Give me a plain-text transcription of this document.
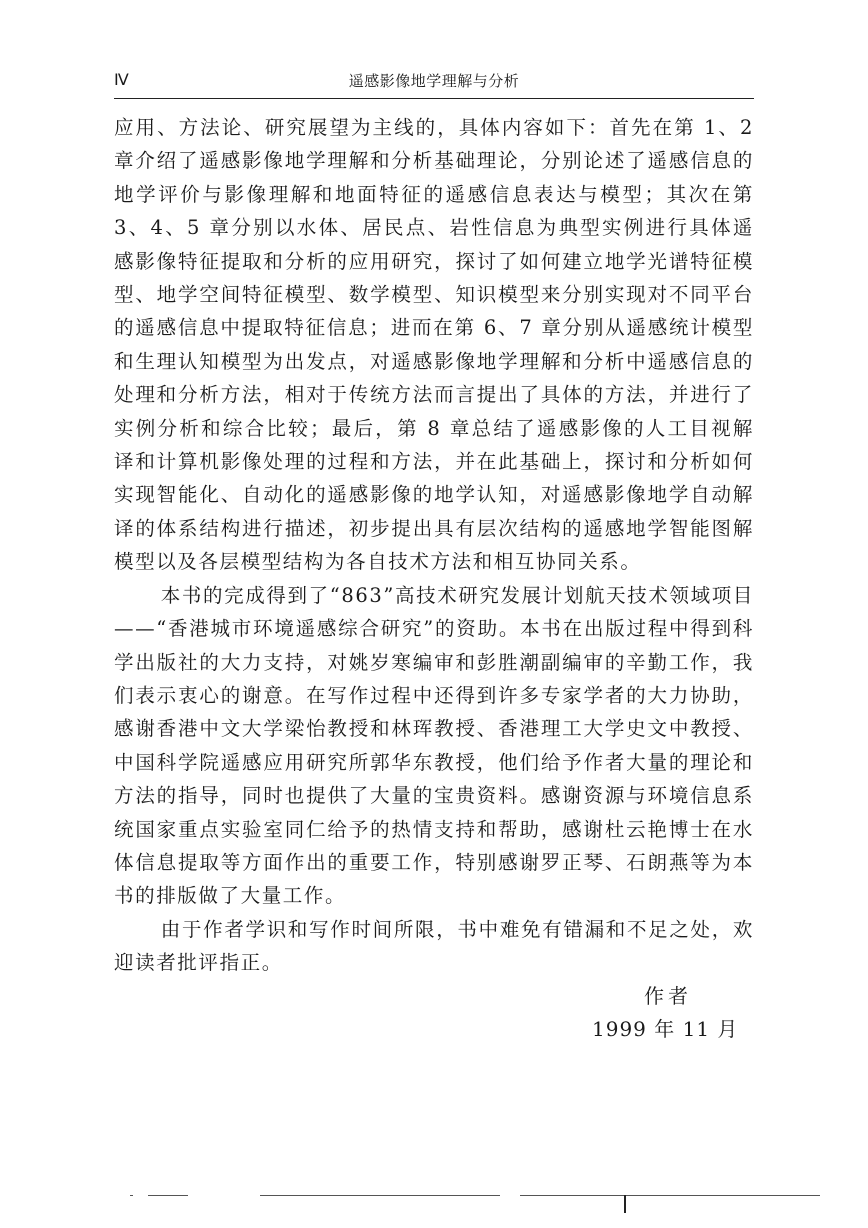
Ⅳ	遥感影像地学理解与分析

应用、方法论、研究展望为主线的，具体内容如下：首先在第 1、2 章介绍了遥感影像地学理解和分析基础理论，分别论述了遥感信息的地学评价与影像理解和地面特征的遥感信息表达与模型；其次在第 3、4、5 章分别以水体、居民点、岩性信息为典型实例进行具体遥感影像特征提取和分析的应用研究，探讨了如何建立地学光谱特征模型、地学空间特征模型、数学模型、知识模型来分别实现对不同平台的遥感信息中提取特征信息；进而在第 6、7 章分别从遥感统计模型和生理认知模型为出发点，对遥感影像地学理解和分析中遥感信息的处理和分析方法，相对于传统方法而言提出了具体的方法，并进行了实例分析和综合比较；最后，第 8 章总结了遥感影像的人工目视解译和计算机影像处理的过程和方法，并在此基础上，探讨和分析如何实现智能化、自动化的遥感影像的地学认知，对遥感影像地学自动解译的体系结构进行描述，初步提出具有层次结构的遥感地学智能图解模型以及各层模型结构为各自技术方法和相互协同关系。

本书的完成得到了“863”高技术研究发展计划航天技术领域项目——“香港城市环境遥感综合研究”的资助。本书在出版过程中得到科学出版社的大力支持，对姚岁寒编审和彭胜潮副编审的辛勤工作，我们表示衷心的谢意。在写作过程中还得到许多专家学者的大力协助，感谢香港中文大学梁怡教授和林珲教授、香港理工大学史文中教授、中国科学院遥感应用研究所郭华东教授，他们给予作者大量的理论和方法的指导，同时也提供了大量的宝贵资料。感谢资源与环境信息系统国家重点实验室同仁给予的热情支持和帮助，感谢杜云艳博士在水体信息提取等方面作出的重要工作，特别感谢罗正琴、石朗燕等为本书的排版做了大量工作。

由于作者学识和写作时间所限，书中难免有错漏和不足之处，欢迎读者批评指正。

作者
1999 年 11 月
